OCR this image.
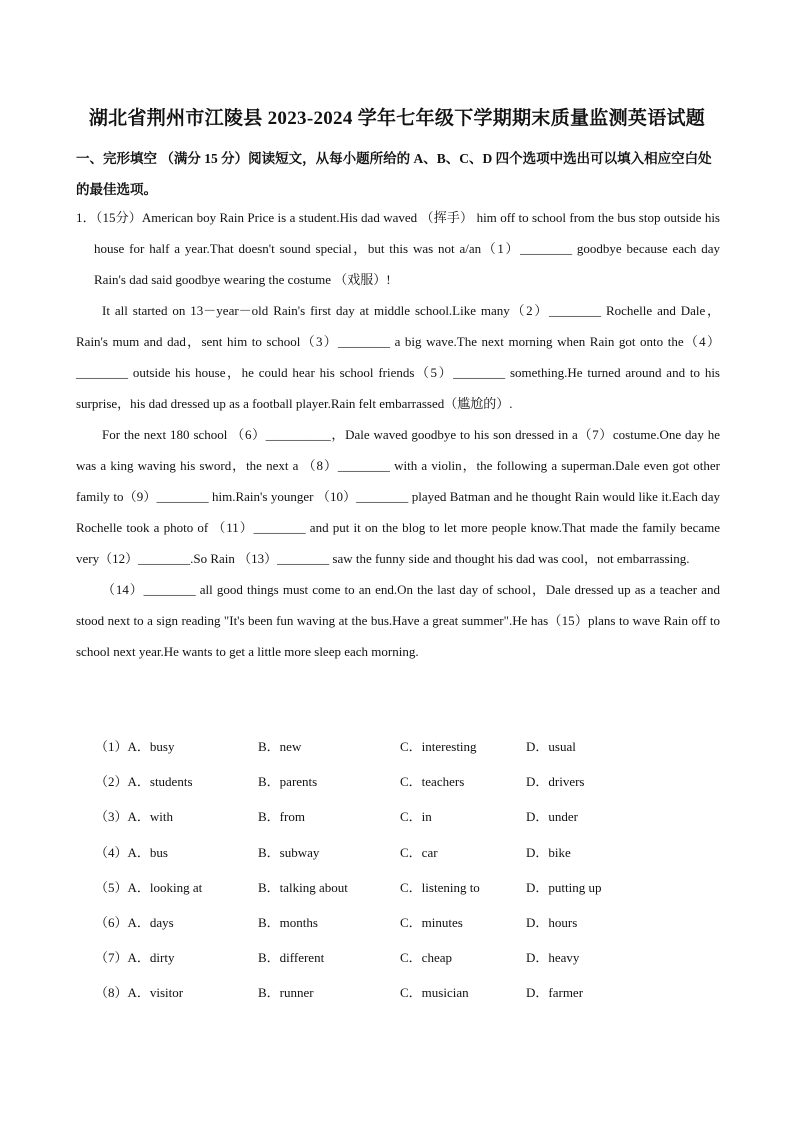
湖北省荆州市江陵县 2023-2024 学年七年级下学期期末质量监测英语试题
一、完形填空 （满分 15 分）阅读短文，从每小题所给的 A、B、C、D 四个选项中选出可以填入相应空白处的最佳选项。

1．（15分）American boy Rain Price is a student.His dad waved （挥手） him off to school from the bus stop outside his house for half a year.That doesn't sound special，but this was not a/an（1）________ goodbye because each day Rain's dad said goodbye wearing the costume （戏服）!

It all started on 13－year－old Rain's first day at middle school.Like many（2）________ Rochelle and Dale，Rain's mum and dad，sent him to school（3）________ a big wave.The next morning when Rain got onto the（4）________ outside his house，he could hear his school friends（5）________ something.He turned around and to his surprise，his dad dressed up as a football player.Rain felt embarrassed（尴尬的）.

For the next 180 school （6）__________，Dale waved goodbye to his son dressed in a（7）costume.One day he was a king waving his sword，the next a （8）________ with a violin，the following a superman.Dale even got other family to（9）________ him.Rain's younger （10）________ played Batman and he thought Rain would like it.Each day Rochelle took a photo of （11）________ and put it on the blog to let more people know.That made the family became very（12）________.So Rain （13）________ saw the funny side and thought his dad was cool，not embarrassing.

（14）________ all good things must come to an end.On the last day of school，Dale dressed up as a teacher and stood next to a sign reading "It's been fun waving at the bus.Have a great summer".He has（15）plans to wave Rain off to school next year.He wants to get a little more sleep each morning.

（1）A．busy	B．new	C．interesting	D．usual
（2）A．students	B．parents	C．teachers	D．drivers
（3）A．with	B．from	C．in	D．under
（4）A．bus	B．subway	C．car	D．bike
（5）A．looking at	B．talking about	C．listening to	D．putting up
（6）A．days	B．months	C．minutes	D．hours
（7）A．dirty	B．different	C．cheap	D．heavy
（8）A．visitor	B．runner	C．musician	D．farmer
